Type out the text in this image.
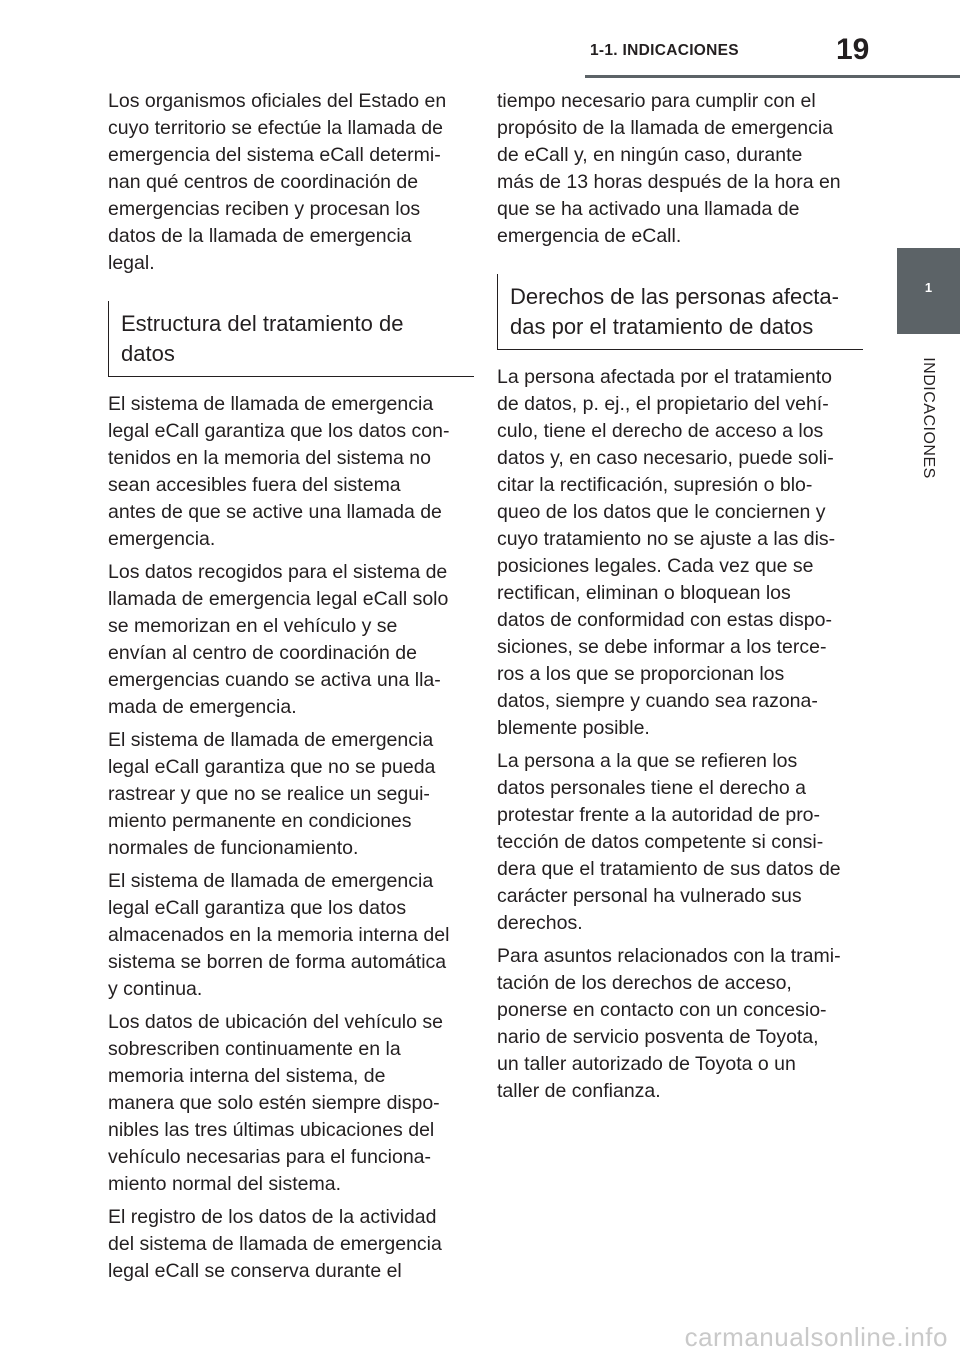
1-1. INDICACIONES	19
1
INDICACIONES

Los organismos oficiales del Estado en
cuyo territorio se efectúe la llamada de
emergencia del sistema eCall determi-
nan qué centros de coordinación de
emergencias reciben y procesan los
datos de la llamada de emergencia
legal.

Estructura del tratamiento de
datos

El sistema de llamada de emergencia
legal eCall garantiza que los datos con-
tenidos en la memoria del sistema no
sean accesibles fuera del sistema
antes de que se active una llamada de
emergencia.

Los datos recogidos para el sistema de
llamada de emergencia legal eCall solo
se memorizan en el vehículo y se
envían al centro de coordinación de
emergencias cuando se activa una lla-
mada de emergencia.

El sistema de llamada de emergencia
legal eCall garantiza que no se pueda
rastrear y que no se realice un segui-
miento permanente en condiciones
normales de funcionamiento.

El sistema de llamada de emergencia
legal eCall garantiza que los datos
almacenados en la memoria interna del
sistema se borren de forma automática
y continua.

Los datos de ubicación del vehículo se
sobrescriben continuamente en la
memoria interna del sistema, de
manera que solo estén siempre dispo-
nibles las tres últimas ubicaciones del
vehículo necesarias para el funciona-
miento normal del sistema.

El registro de los datos de la actividad
del sistema de llamada de emergencia
legal eCall se conserva durante el

tiempo necesario para cumplir con el
propósito de la llamada de emergencia
de eCall y, en ningún caso, durante
más de 13 horas después de la hora en
que se ha activado una llamada de
emergencia de eCall.

Derechos de las personas afecta-
das por el tratamiento de datos

La persona afectada por el tratamiento
de datos, p. ej., el propietario del vehí-
culo, tiene el derecho de acceso a los
datos y, en caso necesario, puede soli-
citar la rectificación, supresión o blo-
queo de los datos que le conciernen y
cuyo tratamiento no se ajuste a las dis-
posiciones legales. Cada vez que se
rectifican, eliminan o bloquean los
datos de conformidad con estas dispo-
siciones, se debe informar a los terce-
ros a los que se proporcionan los
datos, siempre y cuando sea razona-
blemente posible.

La persona a la que se refieren los
datos personales tiene el derecho a
protestar frente a la autoridad de pro-
tección de datos competente si consi-
dera que el tratamiento de sus datos de
carácter personal ha vulnerado sus
derechos.

Para asuntos relacionados con la trami-
tación de los derechos de acceso,
ponerse en contacto con un concesio-
nario de servicio posventa de Toyota,
un taller autorizado de Toyota o un
taller de confianza.

carmanualsonline.info
